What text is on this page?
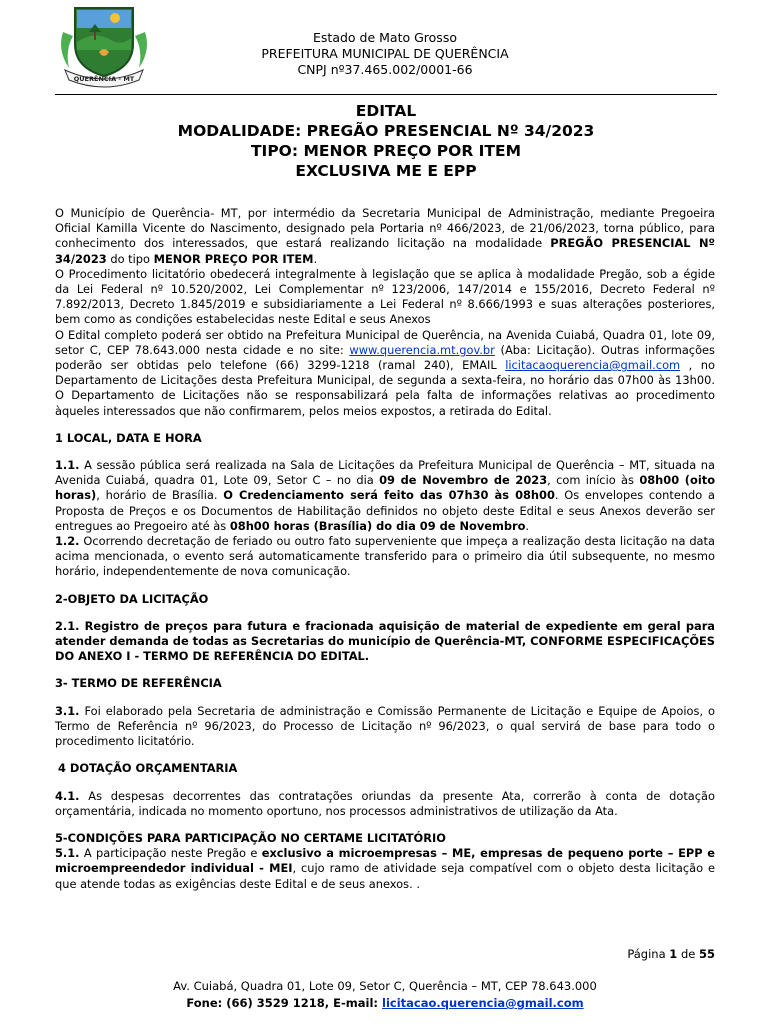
QUERÊNCIA - MT
Estado de Mato Grosso
PREFEITURA MUNICIPAL DE QUERÊNCIA
CNPJ nº37.465.002/0001-66
EDITAL
MODALIDADE: PREGÃO PRESENCIAL Nº 34/2023
TIPO: MENOR PREÇO POR ITEM
EXCLUSIVA ME E EPP

O Município de Querência- MT, por intermédio da Secretaria Municipal de Administração, mediante Pregoeira Oficial Kamilla Vicente do Nascimento, designado pela Portaria nº 466/2023, de 21/06/2023, torna público, para conhecimento dos interessados, que estará realizando licitação na modalidade PREGÃO PRESENCIAL Nº 34/2023 do tipo MENOR PREÇO POR ITEM.

O Procedimento licitatório obedecerá integralmente à legislação que se aplica à modalidade Pregão, sob a égide da Lei Federal nº 10.520/2002, Lei Complementar nº 123/2006, 147/2014 e 155/2016, Decreto Federal nº 7.892/2013, Decreto 1.845/2019 e subsidiariamente a Lei Federal nº 8.666/1993 e suas alterações posteriores, bem como as condições estabelecidas neste Edital e seus Anexos

O Edital completo poderá ser obtido na Prefeitura Municipal de Querência, na Avenida Cuiabá, Quadra 01, lote 09, setor C, CEP 78.643.000 nesta cidade e no site: www.querencia.mt.gov.br (Aba: Licitação). Outras informações poderão ser obtidas pelo telefone (66) 3299-1218 (ramal 240), EMAIL licitacaoquerencia@gmail.com , no Departamento de Licitações desta Prefeitura Municipal, de segunda a sexta-feira, no horário das 07h00 às 13h00. O Departamento de Licitações não se responsabilizará pela falta de informações relativas ao procedimento àqueles interessados que não confirmarem, pelos meios expostos, a retirada do Edital.

1 LOCAL, DATA E HORA

1.1. A sessão pública será realizada na Sala de Licitações da Prefeitura Municipal de Querência – MT, situada na Avenida Cuiabá, quadra 01, Lote 09, Setor C – no dia 09 de Novembro de 2023, com início às 08h00 (oito horas), horário de Brasília. O Credenciamento será feito das 07h30 às 08h00. Os envelopes contendo a Proposta de Preços e os Documentos de Habilitação definidos no objeto deste Edital e seus Anexos deverão ser entregues ao Pregoeiro até às 08h00 horas (Brasília) do dia 09 de Novembro.

1.2. Ocorrendo decretação de feriado ou outro fato superveniente que impeça a realização desta licitação na data acima mencionada, o evento será automaticamente transferido para o primeiro dia útil subsequente, no mesmo horário, independentemente de nova comunicação.

2-OBJETO DA LICITAÇÃO

2.1. Registro de preços para futura e fracionada aquisição de material de expediente em geral para atender demanda de todas as Secretarias do município de Querência-MT, CONFORME ESPECIFICAÇÕES DO ANEXO I - TERMO DE REFERÊNCIA DO EDITAL.

3- TERMO DE REFERÊNCIA

3.1. Foi elaborado pela Secretaria de administração e Comissão Permanente de Licitação e Equipe de Apoios, o Termo de Referência nº 96/2023, do Processo de Licitação nº 96/2023, o qual servirá de base para todo o procedimento licitatório.

4 DOTAÇÃO ORÇAMENTARIA

4.1. As despesas decorrentes das contratações oriundas da presente Ata, correrão à conta de dotação orçamentária, indicada no momento oportuno, nos processos administrativos de utilização da Ata.

5-CONDIÇÕES PARA PARTICIPAÇÃO NO CERTAME LICITATÓRIO

5.1. A participação neste Pregão e exclusivo a microempresas – ME, empresas de pequeno porte – EPP e microempreendedor individual - MEI, cujo ramo de atividade seja compatível com o objeto desta licitação e que atende todas as exigências deste Edital e de seus anexos. .

Página 1 de 55
Av. Cuiabá, Quadra 01, Lote 09, Setor C, Querência – MT, CEP 78.643.000
Fone: (66) 3529 1218, E-mail: licitacao.querencia@gmail.com
